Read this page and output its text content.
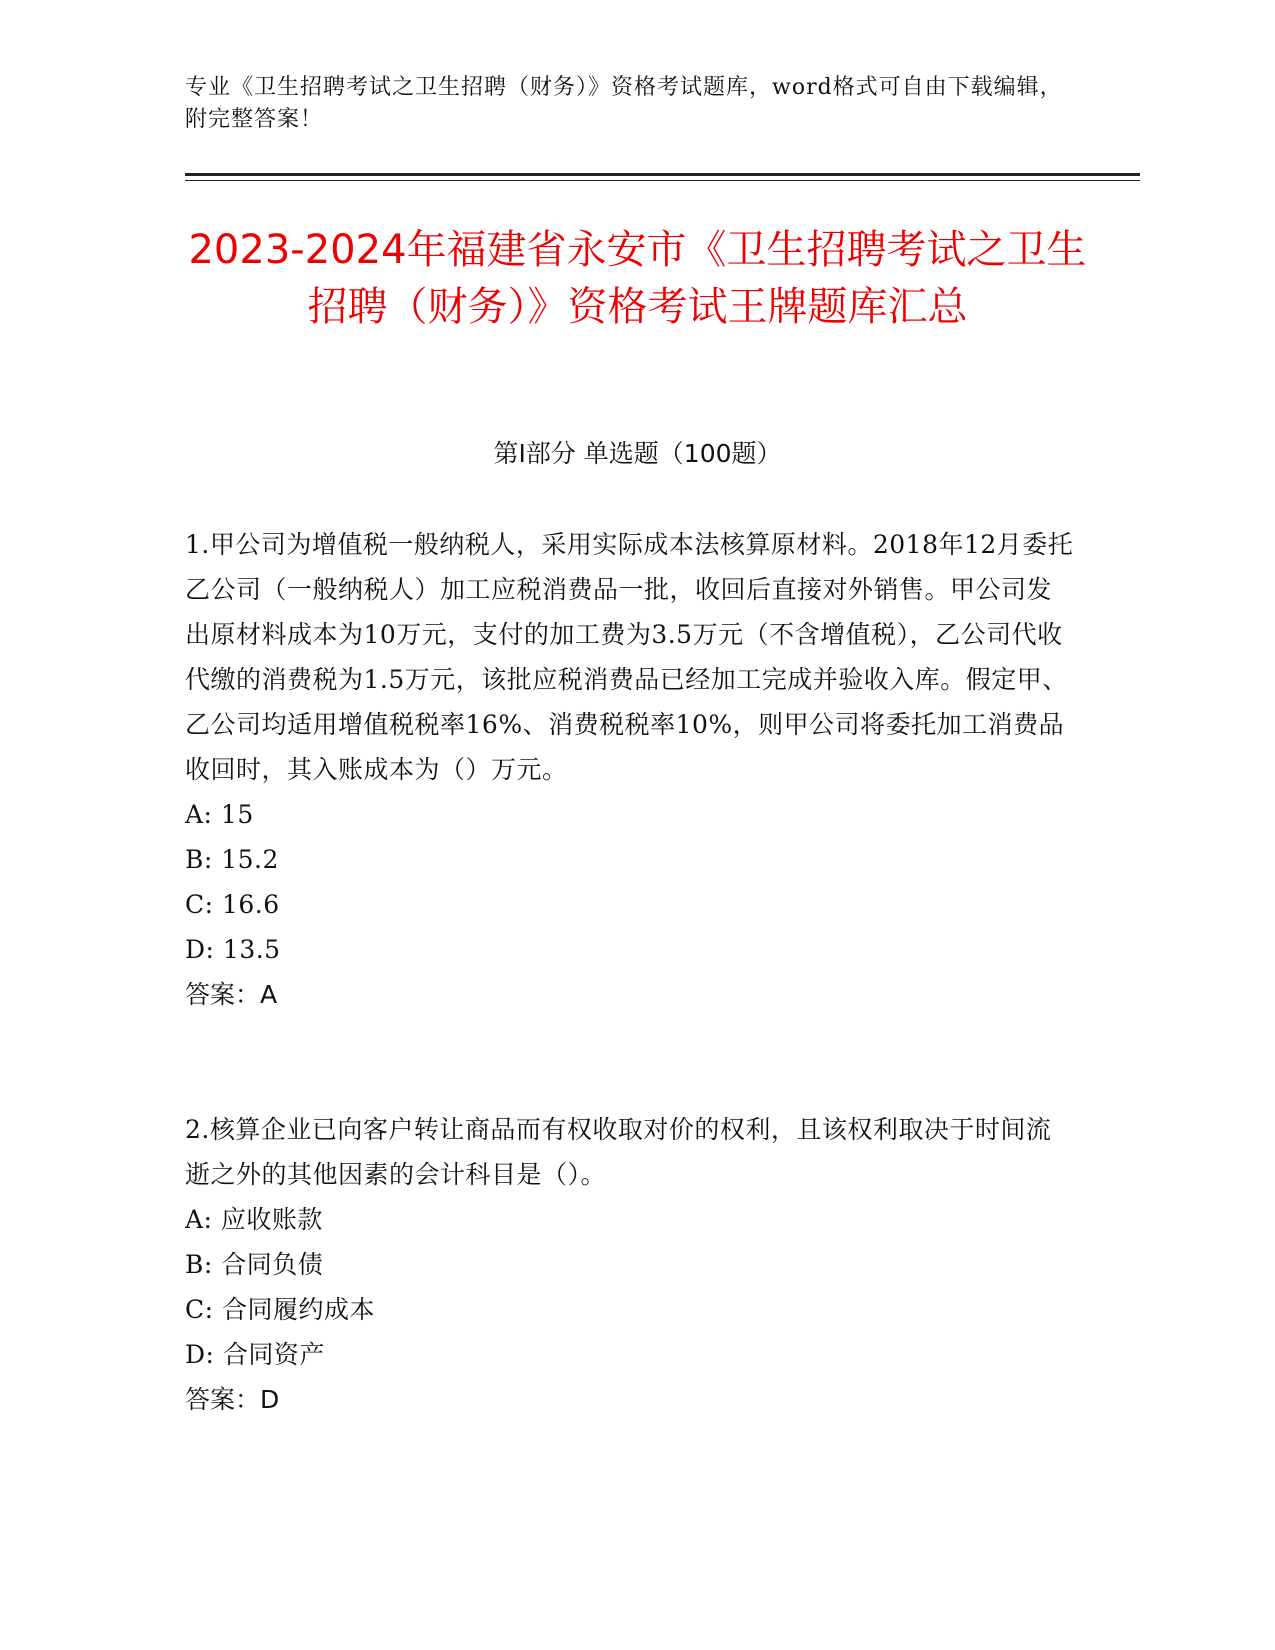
专业《卫生招聘考试之卫生招聘（财务）》资格考试题库，word格式可自由下载编辑，附完整答案！
2023-2024年福建省永安市《卫生招聘考试之卫生招聘（财务）》资格考试王牌题库汇总
第Ⅰ部分 单选题（100题）

1.甲公司为增值税一般纳税人，采用实际成本法核算原材料。2018年12月委托乙公司（一般纳税人）加工应税消费品一批，收回后直接对外销售。甲公司发出原材料成本为10万元，支付的加工费为3.5万元（不含增值税），乙公司代收代缴的消费税为1.5万元，该批应税消费品已经加工完成并验收入库。假定甲、乙公司均适用增值税税率16%、消费税税率10%，则甲公司将委托加工消费品收回时，其入账成本为（）万元。

A: 15

B: 15.2

C: 16.6

D: 13.5

答案：A

2.核算企业已向客户转让商品而有权收取对价的权利，且该权利取决于时间流逝之外的其他因素的会计科目是（）。

A: 应收账款

B: 合同负债

C: 合同履约成本

D: 合同资产

答案：D
